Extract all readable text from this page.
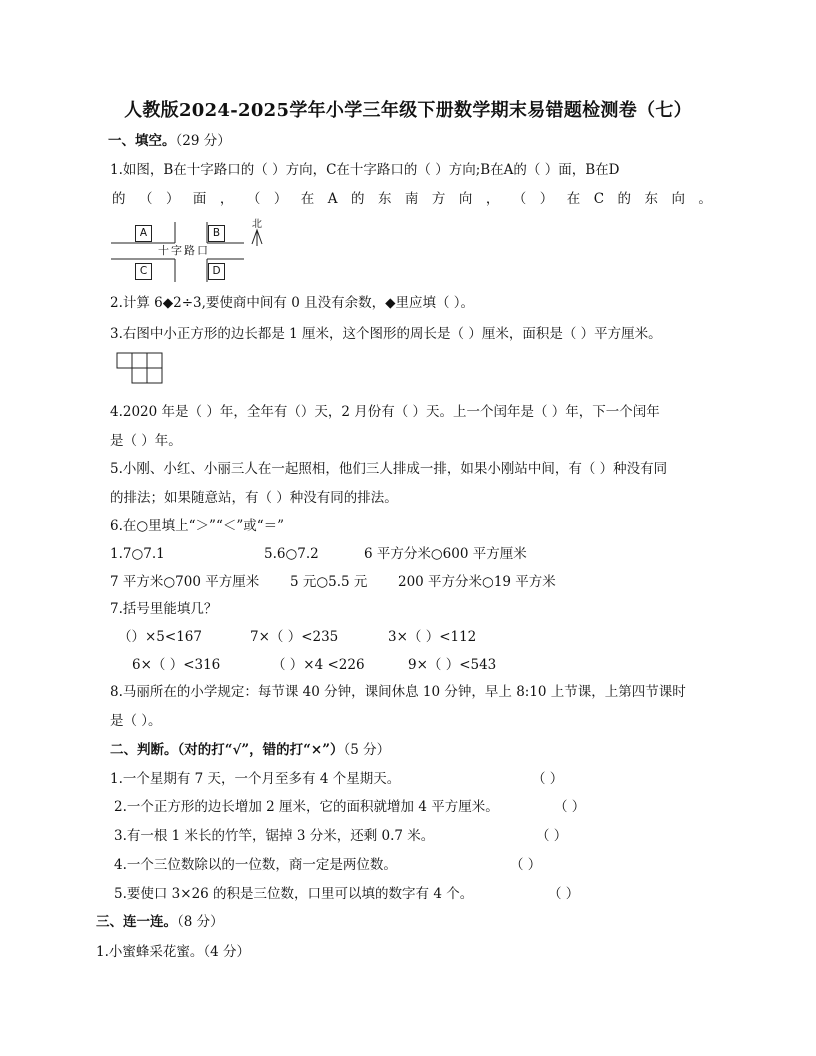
人教版2024-2025学年小学三年级下册数学期末易错题检测卷（七）
一、填空。（29 分）
1.如图，B在十字路口的（ ）方向，C在十字路口的（ ）方向;B在A的（ ）面，B在D
的 （ ） 面 ， （ ） 在 A 的 东 南 方 向 ， （ ） 在 C 的 东 向 。
A	B
C	D
十字路口
北
2.计算 6◆2÷3,要使商中间有 0 且没有余数，◆里应填（ ）。
3.右图中小正方形的边长都是 1 厘米，这个图形的周长是（ ）厘米，面积是（ ）平方厘米。
4.2020 年是（ ）年，全年有（）天，2 月份有（ ）天。上一个闰年是（ ）年，下一个闰年
是（ ）年。
5.小刚、小红、小丽三人在一起照相，他们三人排成一排，如果小刚站中间，有（ ）种没有同
的排法；如果随意站，有（ ）种没有同的排法。
6.在○里填上“＞”“＜”或“＝”
1.7○7.1	5.6○7.2	6 平方分米○600 平方厘米
7 平方米○700 平方厘米 5 元○5.5 元 200 平方分米○19 平方米
7.括号里能填几？
（）×5<167	7×（ ）<235	3×（ ）<112
6×（ ）<316	（ ）×4 <226	9×（ ）<543
8.马丽所在的小学规定：每节课 40 分钟，课间休息 10 分钟，早上 8:10 上节课，上第四节课时
是（ ）。
二、判断。（对的打“√”，错的打“×”）（5 分）
1.一个星期有 7 天，一个月至多有 4 个星期天。	（ ）
2.一个正方形的边长增加 2 厘米，它的面积就增加 4 平方厘米。	（ ）
3.有一根 1 米长的竹竿，锯掉 3 分米，还剩 0.7 米。	（ ）
4.一个三位数除以的一位数，商一定是两位数。	（ ）
5.要使口 3×26 的积是三位数，口里可以填的数字有 4 个。	（ ）
三、连一连。（8 分）
1.小蜜蜂采花蜜。（4 分）
